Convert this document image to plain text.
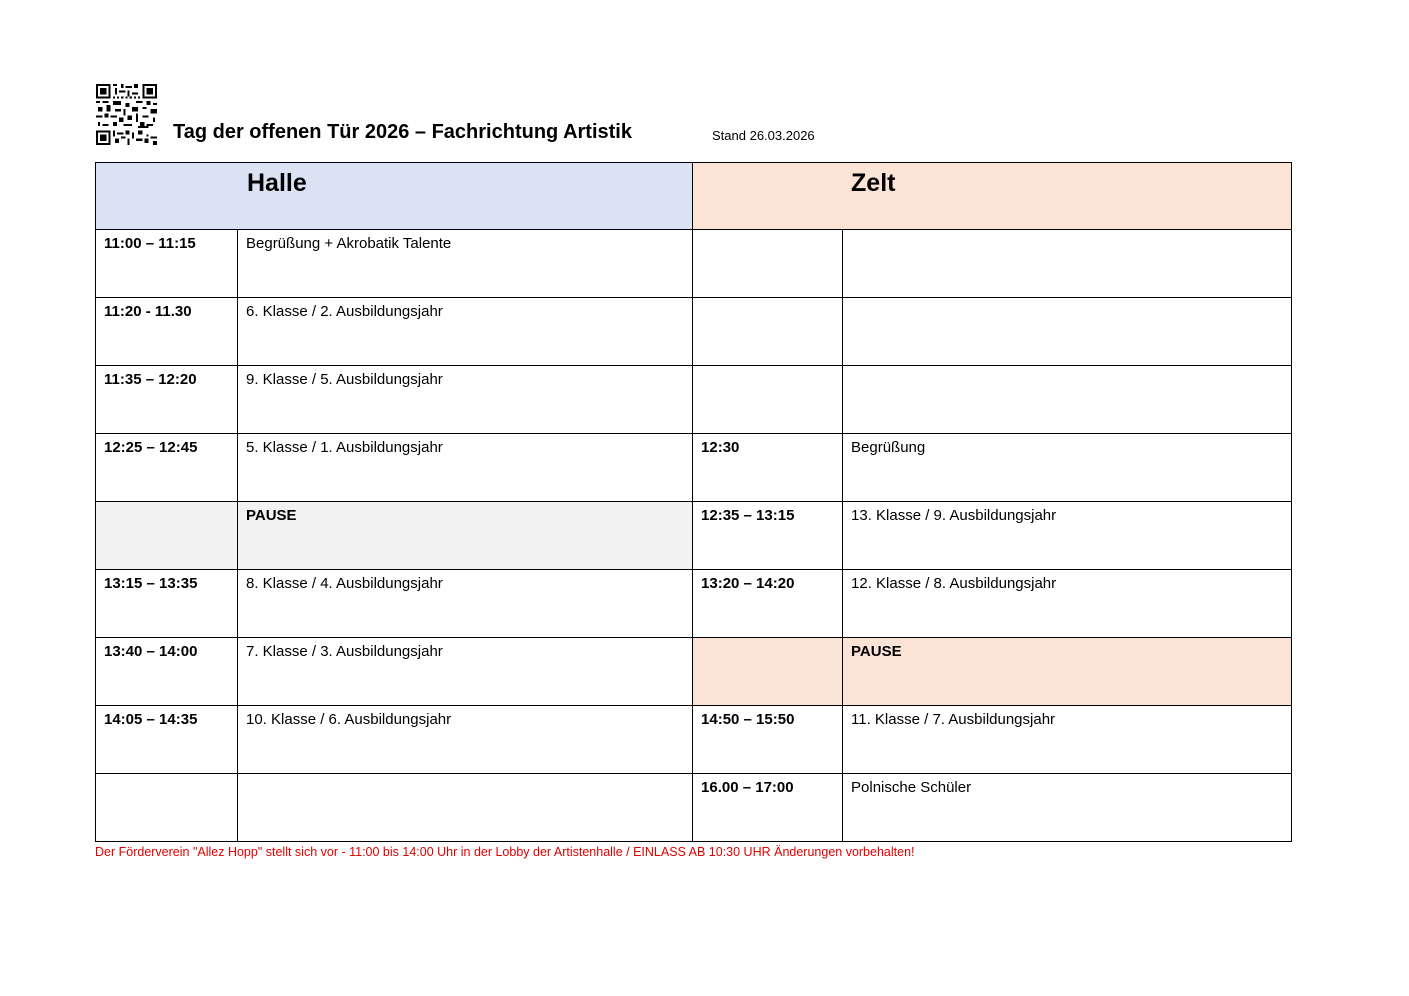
Tag der offenen Tür 2026 – Fachrichtung Artistik	Stand 26.03.2026
Halle		Zelt	

11:00 – 11:15	Begrüßung + Akrobatik Talente		

11:20 - 11.30	6. Klasse / 2. Ausbildungsjahr		

11:35 – 12:20	9. Klasse / 5. Ausbildungsjahr		

12:25 – 12:45	5. Klasse / 1. Ausbildungsjahr	12:30	Begrüßung

	PAUSE	12:35 – 13:15	13. Klasse / 9. Ausbildungsjahr

13:15 – 13:35	8. Klasse / 4. Ausbildungsjahr	13:20 – 14:20	12. Klasse / 8. Ausbildungsjahr

13:40 – 14:00	7. Klasse / 3. Ausbildungsjahr		PAUSE

14:05 – 14:35	10. Klasse / 6. Ausbildungsjahr	14:50 – 15:50	11. Klasse / 7. Ausbildungsjahr

		16.00 – 17:00	Polnische Schüler
Der Förderverein "Allez Hopp" stellt sich vor - 11:00 bis 14:00 Uhr in der Lobby der Artistenhalle / EINLASS AB 10:30 UHR Änderungen vorbehalten!
